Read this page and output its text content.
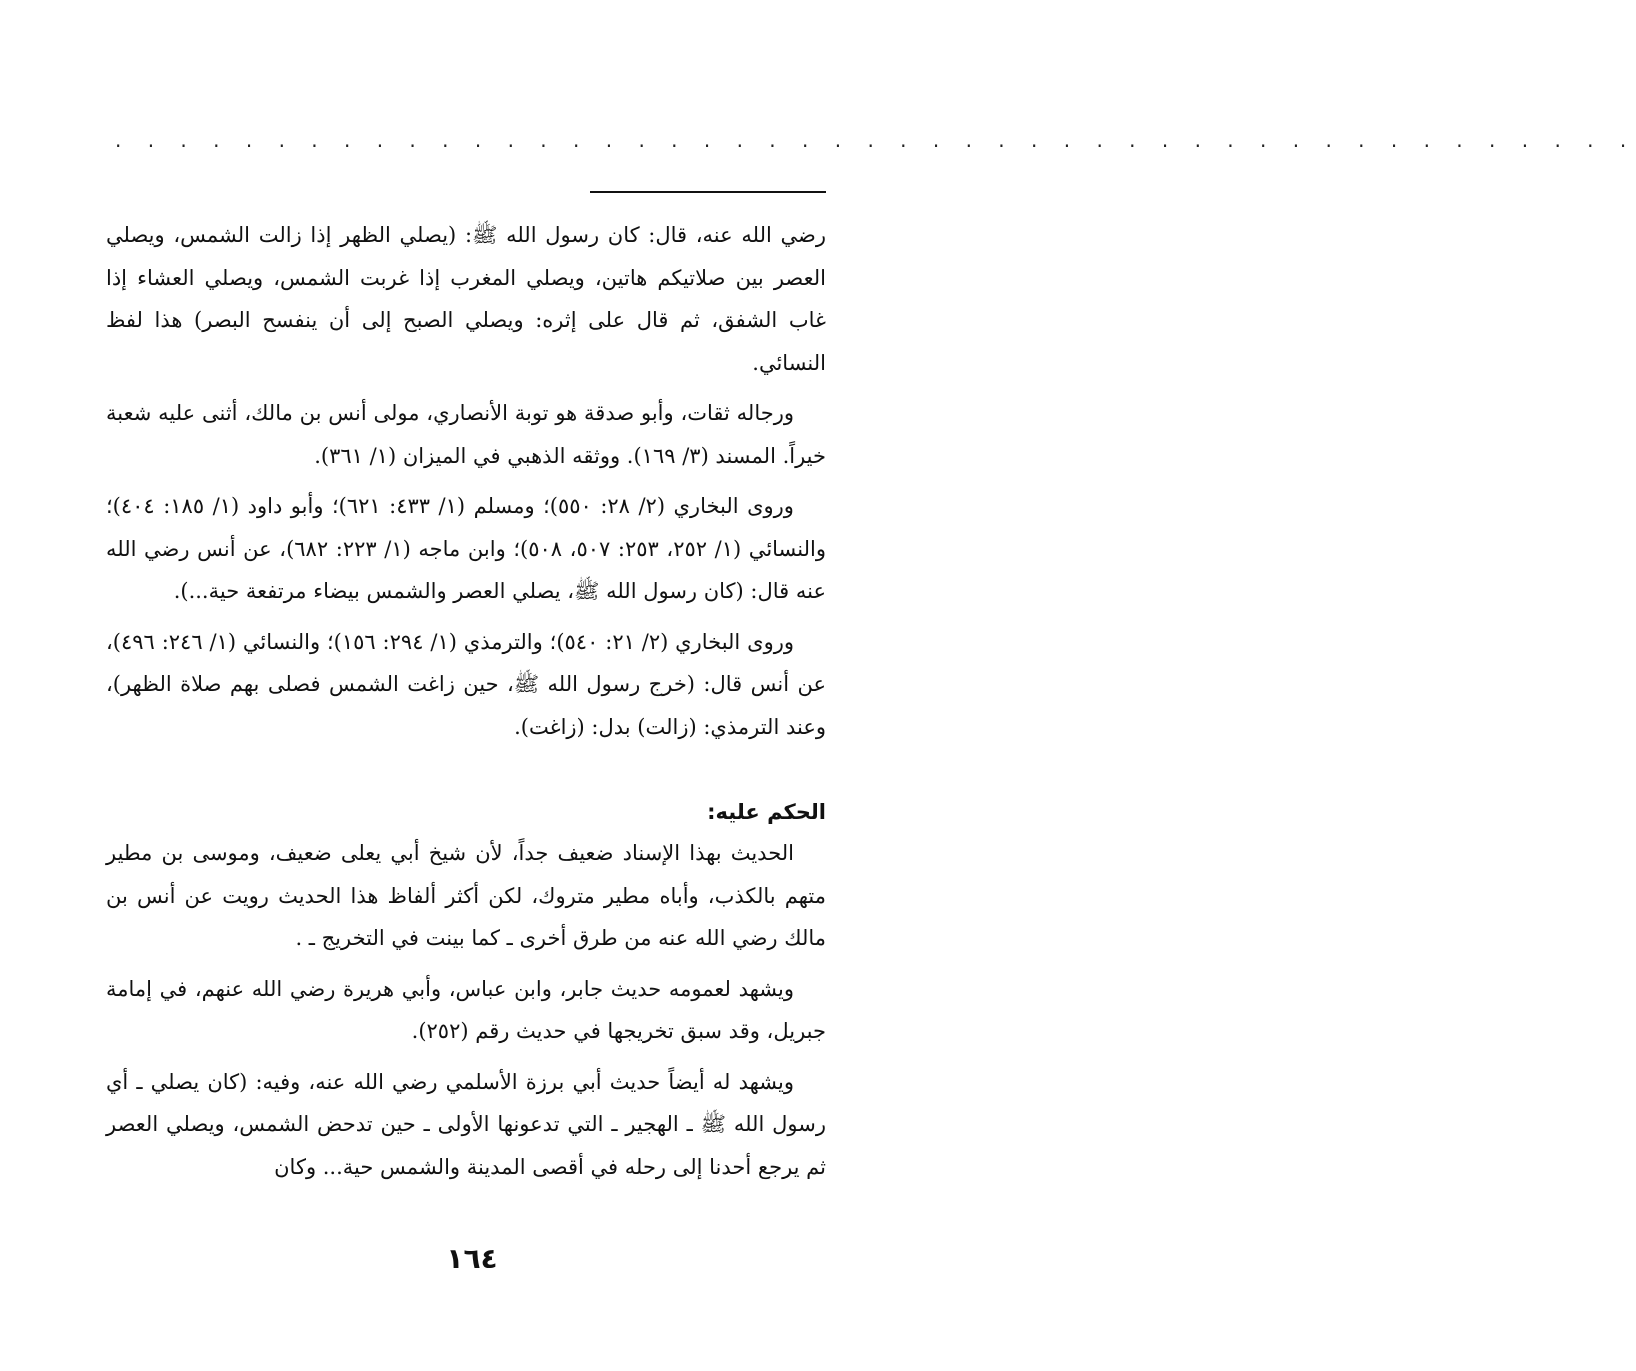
. . . . . . . . . . . . . . . . . . . . . . . . . . . . . . . . . . . . . . . . . . . . . . .

رضي الله عنه، قال: كان رسول الله ﷺ: (يصلي الظهر إذا زالت الشمس، ويصلي العصر بين صلاتيكم هاتين، ويصلي المغرب إذا غربت الشمس، ويصلي العشاء إذا غاب الشفق، ثم قال على إثره: ويصلي الصبح إلى أن ينفسح البصر) هذا لفظ النسائي.

ورجاله ثقات، وأبو صدقة هو توبة الأنصاري، مولى أنس بن مالك، أثنى عليه شعبة خيراً. المسند (٣/ ١٦٩). ووثقه الذهبي في الميزان (١/ ٣٦١).

وروى البخاري (٢/ ٢٨: ٥٥٠)؛ ومسلم (١/ ٤٣٣: ٦٢١)؛ وأبو داود (١/ ١٨٥: ٤٠٤)؛ والنسائي (١/ ٢٥٢، ٢٥٣: ٥٠٧، ٥٠٨)؛ وابن ماجه (١/ ٢٢٣: ٦٨٢)، عن أنس رضي الله عنه قال: (كان رسول الله ﷺ، يصلي العصر والشمس بيضاء مرتفعة حية...).

وروى البخاري (٢/ ٢١: ٥٤٠)؛ والترمذي (١/ ٢٩٤: ١٥٦)؛ والنسائي (١/ ٢٤٦: ٤٩٦)، عن أنس قال: (خرج رسول الله ﷺ، حين زاغت الشمس فصلى بهم صلاة الظهر)، وعند الترمذي: (زالت) بدل: (زاغت).

الحكم عليه:

الحديث بهذا الإسناد ضعيف جداً، لأن شيخ أبي يعلى ضعيف، وموسى بن مطير متهم بالكذب، وأباه مطير متروك، لكن أكثر ألفاظ هذا الحديث رويت عن أنس بن مالك رضي الله عنه من طرق أخرى ـ كما بينت في التخريج ـ .

ويشهد لعمومه حديث جابر، وابن عباس، وأبي هريرة رضي الله عنهم، في إمامة جبريل، وقد سبق تخريجها في حديث رقم (٢٥٢).

ويشهد له أيضاً حديث أبي برزة الأسلمي رضي الله عنه، وفيه: (كان يصلي ـ أي رسول الله ﷺ ـ الهجير ـ التي تدعونها الأولى ـ حين تدحض الشمس، ويصلي العصر ثم يرجع أحدنا إلى رحله في أقصى المدينة والشمس حية... وكان

١٦٤
